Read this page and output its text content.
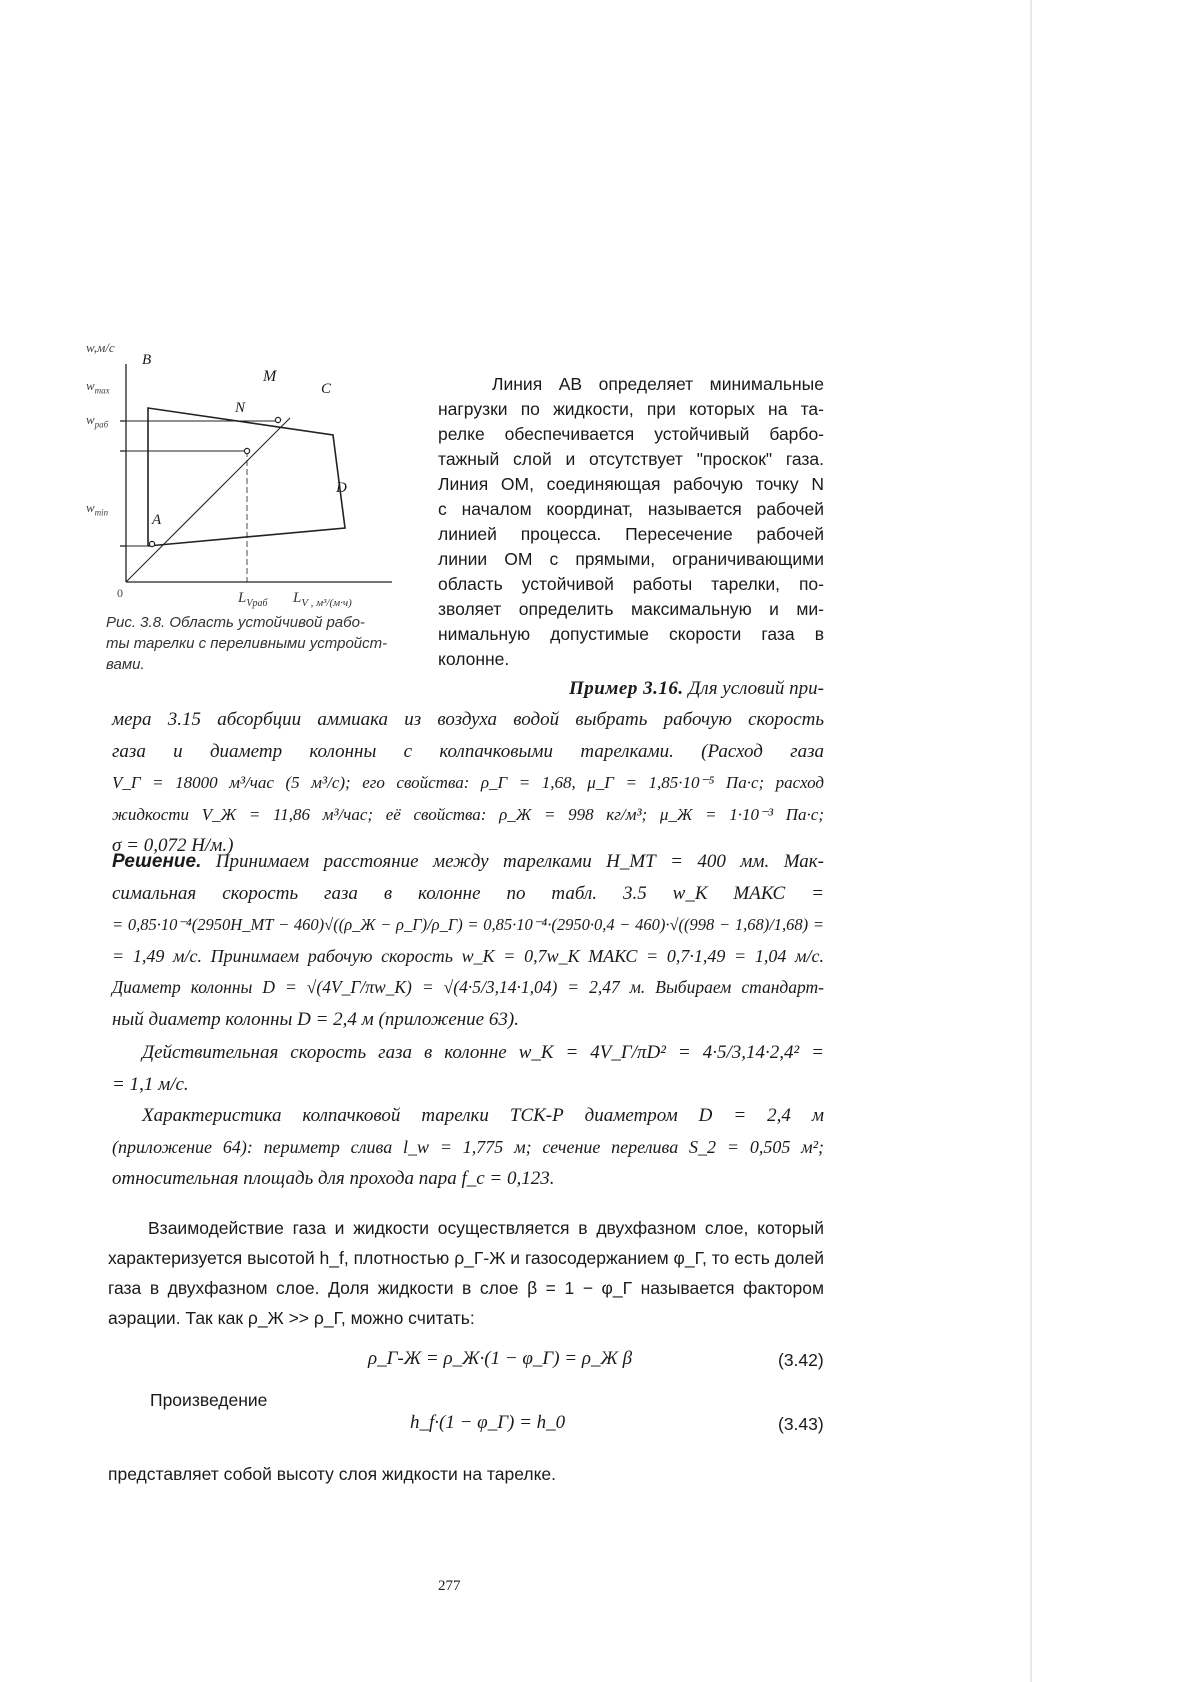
w,м/с
$w_{max}$
$w_{раб}$
$w_{min}$
0
B
M
C
N
D
A
$L_{Vраб}$ $L_{V , м^3/(м\cdot ч)}$
Рис. 3.8. Область устойчивой рабо-
ты тарелки с переливными устройст-
вами.
Линия AB определяет минимальные
нагрузки по жидкости, при которых на та-
релке обеспечивается устойчивый барбо-
тажный слой и отсутствует "проскок" газа.
Линия OM, соединяющая рабочую точку N
с началом координат, называется рабочей
линией процесса. Пересечение рабочей
линии OM с прямыми, ограничивающими
область устойчивой работы тарелки, по-
зволяет определить максимальную и ми-
нимальную допустимые скорости газа в
колонне.
Пример 3.16. Для условий при-
мера 3.15 абсорбции аммиака из воздуха водой выбрать рабочую скорость
газа и диаметр колонны с колпачковыми тарелками. (Расход газа
V_Г = 18000 м³/час (5 м³/с); его свойства: ρ_Г = 1,68, μ_Г = 1,85·10⁻⁵ Па·с; расход
жидкости V_Ж = 11,86 м³/час; её свойства: ρ_Ж = 998 кг/м³; μ_Ж = 1·10⁻³ Па·с;
σ = 0,072 Н/м.)
Решение. Принимаем расстояние между тарелками H_МТ = 400 мм. Мак-
симальная скорость газа в колонне по табл. 3.5 w_К МАКС =
= 0,85·10⁻⁴(2950H_МТ − 460)√((ρ_Ж − ρ_Г)/ρ_Г) = 0,85·10⁻⁴·(2950·0,4 − 460)·√((998 − 1,68)/1,68) =
= 1,49 м/с. Принимаем рабочую скорость w_К = 0,7w_К МАКС = 0,7·1,49 = 1,04 м/с.
Диаметр колонны D = √(4V_Г/πw_К) = √(4·5/3,14·1,04) = 2,47 м. Выбираем стандарт-
ный диаметр колонны D = 2,4 м (приложение 63).
Действительная скорость газа в колонне w_К = 4V_Г/πD² = 4·5/3,14·2,4² =
= 1,1 м/с.
Характеристика колпачковой тарелки ТСК-Р диаметром D = 2,4 м
(приложение 64): периметр слива l_w = 1,775 м; сечение перелива S_2 = 0,505 м²;
относительная площадь для прохода пара f_c = 0,123.
Взаимодействие газа и жидкости осуществляется в двухфазном слое, который
характеризуется высотой h_f, плотностью ρ_Г-Ж и газосодержанием φ_Г, то есть долей
газа в двухфазном слое. Доля жидкости в слое β = 1 − φ_Г называется фактором
аэрации. Так как ρ_Ж >> ρ_Г, можно считать:
ρ_Г-Ж = ρ_Ж·(1 − φ_Г) = ρ_Ж β	(3.42)
Произведение
h_f·(1 − φ_Г) = h_0	(3.43)
представляет собой высоту слоя жидкости на тарелке.
277
